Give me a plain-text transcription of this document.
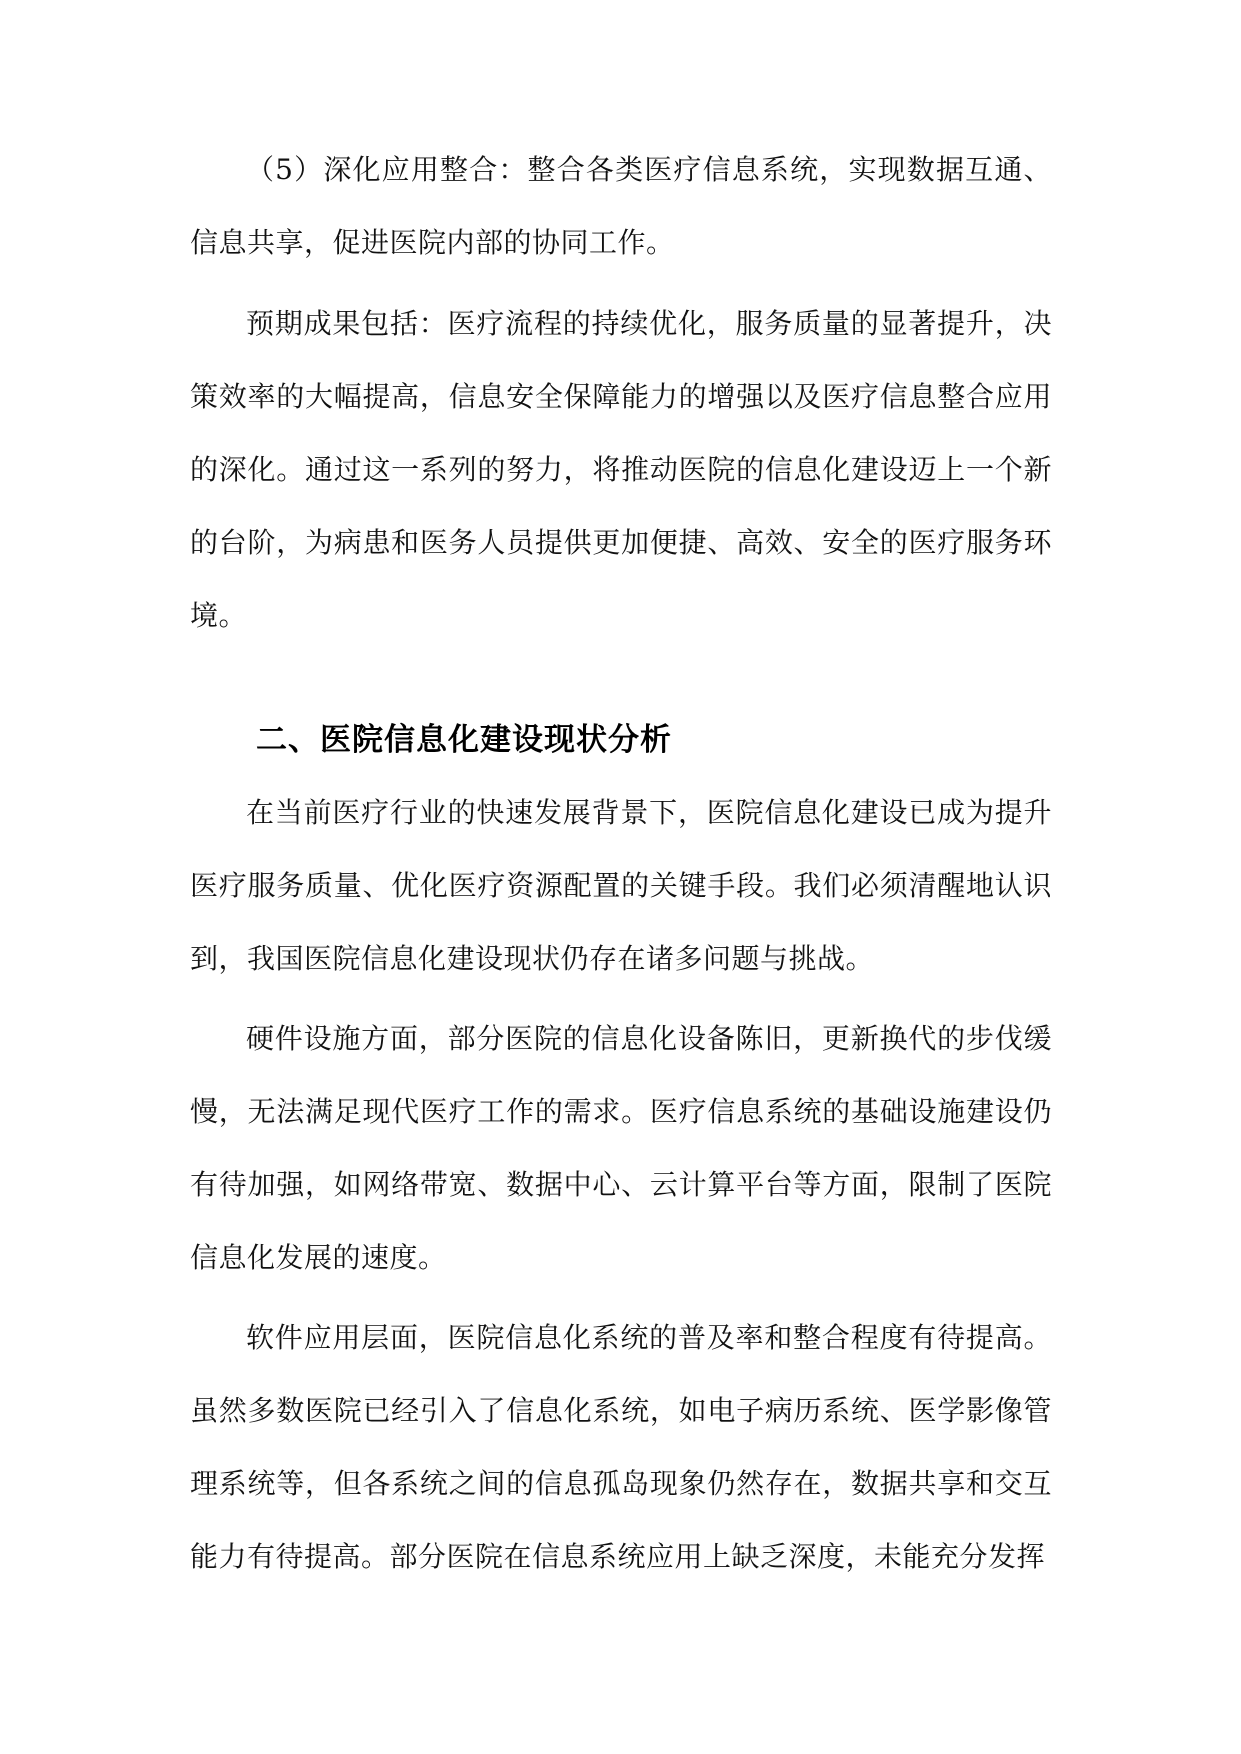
（5）深化应用整合：整合各类医疗信息系统，实现数据互通、信息共享，促进医院内部的协同工作。

预期成果包括：医疗流程的持续优化，服务质量的显著提升，决策效率的大幅提高，信息安全保障能力的增强以及医疗信息整合应用的深化。通过这一系列的努力，将推动医院的信息化建设迈上一个新的台阶，为病患和医务人员提供更加便捷、高效、安全的医疗服务环境。

二、医院信息化建设现状分析

在当前医疗行业的快速发展背景下，医院信息化建设已成为提升医疗服务质量、优化医疗资源配置的关键手段。我们必须清醒地认识到，我国医院信息化建设现状仍存在诸多问题与挑战。

硬件设施方面，部分医院的信息化设备陈旧，更新换代的步伐缓慢，无法满足现代医疗工作的需求。医疗信息系统的基础设施建设仍有待加强，如网络带宽、数据中心、云计算平台等方面，限制了医院信息化发展的速度。

软件应用层面，医院信息化系统的普及率和整合程度有待提高。虽然多数医院已经引入了信息化系统，如电子病历系统、医学影像管理系统等，但各系统之间的信息孤岛现象仍然存在，数据共享和交互能力有待提高。部分医院在信息系统应用上缺乏深度，未能充分发挥
